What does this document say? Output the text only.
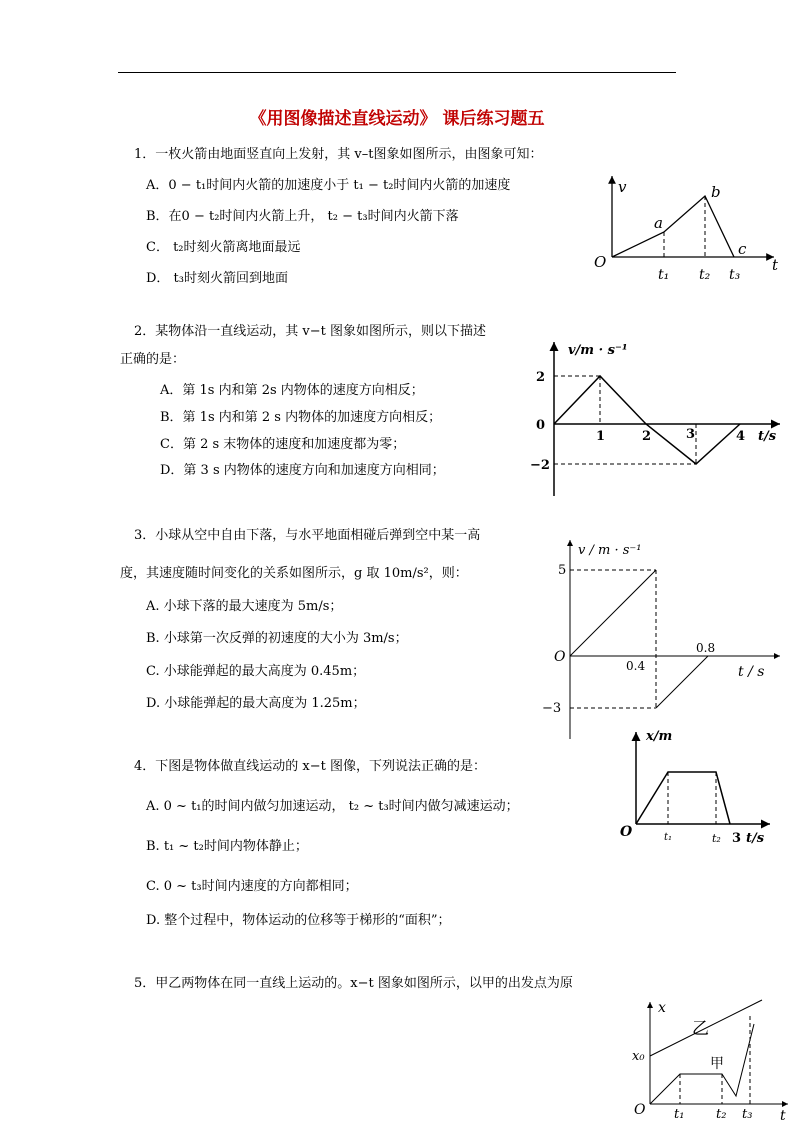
《用图像描述直线运动》 课后练习题五
1．一枚火箭由地面竖直向上发射，其 v–t图象如图所示，由图象可知：
A．0 − t₁时间内火箭的加速度小于 t₁ − t₂时间内火箭的加速度
B．在0 − t₂时间内火箭上升， t₂ − t₃时间内火箭下落
C． t₂时刻火箭离地面最远
D． t₃时刻火箭回到地面
v
t
O
a
b
c
t₁ t₂ t₃
2．某物体沿一直线运动，其 v−t 图象如图所示，则以下描述
正确的是：
A．第 1s 内和第 2s 内物体的速度方向相反；
B．第 1s 内和第 2 s 内物体的加速度方向相反；
C．第 2 s 末物体的速度和加速度都为零；
D．第 3 s 内物体的速度方向和加速度方向相同；
v/m · s⁻¹
t/s
2
0
−2
1	2	3	4
3．小球从空中自由下落，与水平地面相碰后弹到空中某一高
度，其速度随时间变化的关系如图所示，g 取 10m/s²，则：
A. 小球下落的最大速度为 5m/s；
B. 小球第一次反弹的初速度的大小为 3m/s；
C. 小球能弹起的最大高度为 0.45m；
D. 小球能弹起的最大高度为 1.25m；
v / m · s⁻¹
t / s
O
5
−3
0.4
0.8
4．下图是物体做直线运动的 x−t 图像，下列说法正确的是：
A. 0 ~ t₁的时间内做匀加速运动， t₂ ~ t₃时间内做匀减速运动；
B. t₁ ~ t₂时间内物体静止；
C. 0 ~ t₃时间内速度的方向都相同；
D. 整个过程中，物体运动的位移等于梯形的“面积”；
x/m
t/s
O	t₁	t₂ 3
5．甲乙两物体在同一直线上运动的。x−t 图象如图所示，以甲的出发点为原
x
t
O
x₀
乙
甲
t₁ t₂ t₃
